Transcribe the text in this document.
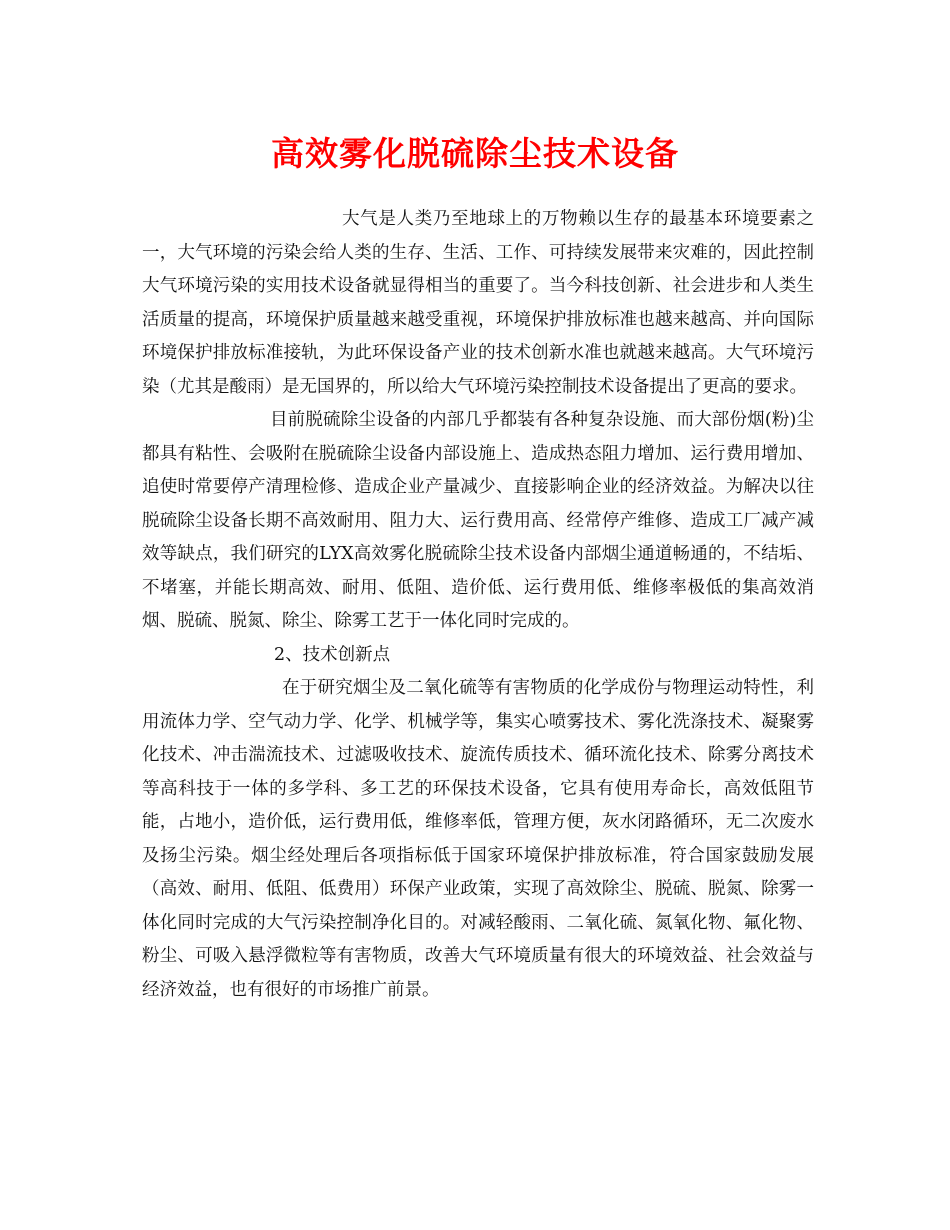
高效雾化脱硫除尘技术设备

大气是人类乃至地球上的万物赖以生存的最基本环境要素之一，大气环境的污染会给人类的生存、生活、工作、可持续发展带来灾难的，因此控制大气环境污染的实用技术设备就显得相当的重要了。当今科技创新、社会进步和人类生活质量的提高，环境保护质量越来越受重视，环境保护排放标准也越来越高、并向国际环境保护排放标准接轨，为此环保设备产业的技术创新水准也就越来越高。大气环境污染（尤其是酸雨）是无国界的，所以给大气环境污染控制技术设备提出了更高的要求。

目前脱硫除尘设备的内部几乎都装有各种复杂设施、而大部份烟(粉)尘都具有粘性、会吸附在脱硫除尘设备内部设施上、造成热态阻力增加、运行费用增加、追使时常要停产清理检修、造成企业产量减少、直接影响企业的经济效益。为解决以往脱硫除尘设备长期不高效耐用、阻力大、运行费用高、经常停产维修、造成工厂减产减效等缺点，我们研究的LYX高效雾化脱硫除尘技术设备内部烟尘通道畅通的，不结垢、不堵塞，并能长期高效、耐用、低阻、造价低、运行费用低、维修率极低的集高效消烟、脱硫、脱氮、除尘、除雾工艺于一体化同时完成的。

2、技术创新点

在于研究烟尘及二氧化硫等有害物质的化学成份与物理运动特性，利用流体力学、空气动力学、化学、机械学等，集实心喷雾技术、雾化洗涤技术、凝聚雾化技术、冲击湍流技术、过滤吸收技术、旋流传质技术、循环流化技术、除雾分离技术等高科技于一体的多学科、多工艺的环保技术设备，它具有使用寿命长，高效低阻节能，占地小，造价低，运行费用低，维修率低，管理方便，灰水闭路循环，无二次废水及扬尘污染。烟尘经处理后各项指标低于国家环境保护排放标准，符合国家鼓励发展（高效、耐用、低阻、低费用）环保产业政策，实现了高效除尘、脱硫、脱氮、除雾一体化同时完成的大气污染控制净化目的。对减轻酸雨、二氧化硫、氮氧化物、氟化物、粉尘、可吸入悬浮微粒等有害物质，改善大气环境质量有很大的环境效益、社会效益与经济效益，也有很好的市场推广前景。
